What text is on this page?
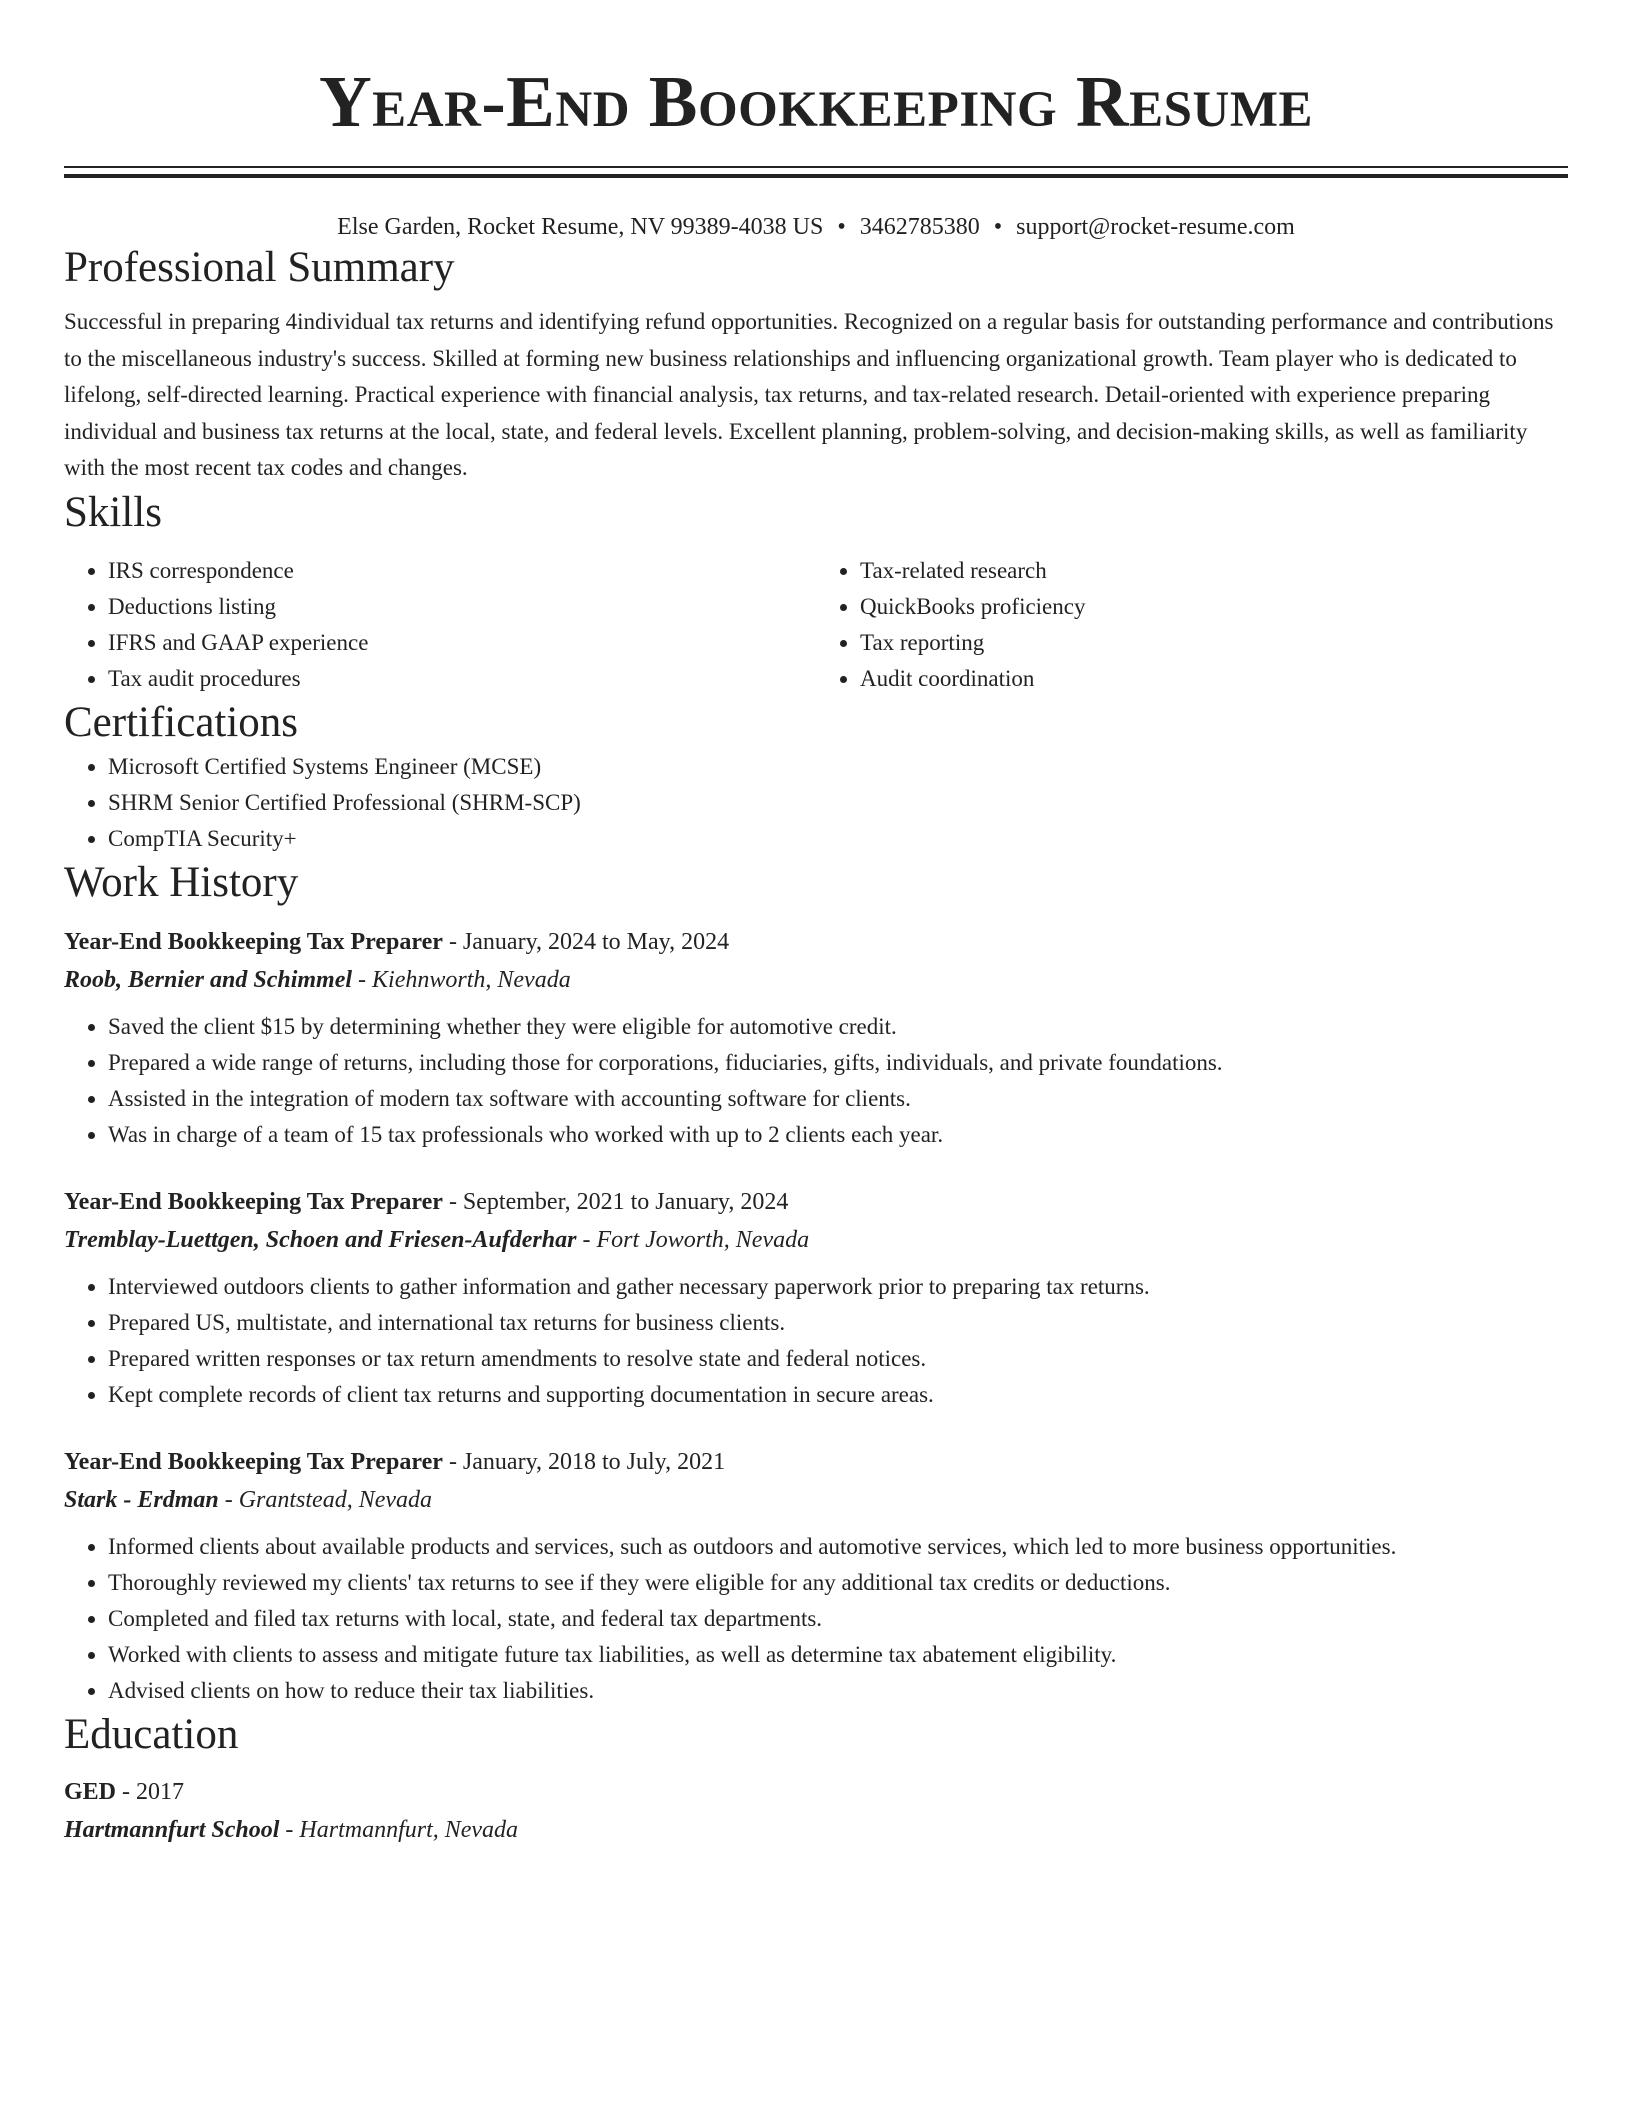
Year-End Bookkeeping Resume
Else Garden, Rocket Resume, NV 99389-4038 US • 3462785380 • support@rocket-resume.com
Professional Summary

Successful in preparing 4individual tax returns and identifying refund opportunities. Recognized on a regular basis for outstanding performance and contributions to the miscellaneous industry's success. Skilled at forming new business relationships and influencing organizational growth. Team player who is dedicated to lifelong, self-directed learning. Practical experience with financial analysis, tax returns, and tax-related research. Detail-oriented with experience preparing individual and business tax returns at the local, state, and federal levels. Excellent planning, problem-solving, and decision-making skills, as well as familiarity with the most recent tax codes and changes.

Skills
• IRS correspondence
• Deductions listing
• IFRS and GAAP experience
• Tax audit procedures
• Tax-related research
• QuickBooks proficiency
• Tax reporting
• Audit coordination
Certifications
• Microsoft Certified Systems Engineer (MCSE)
• SHRM Senior Certified Professional (SHRM-SCP)
• CompTIA Security+
Work History
Year-End Bookkeeping Tax Preparer - January, 2024 to May, 2024
Roob, Bernier and Schimmel - Kiehnworth, Nevada
• Saved the client $15 by determining whether they were eligible for automotive credit.
• Prepared a wide range of returns, including those for corporations, fiduciaries, gifts, individuals, and private foundations.
• Assisted in the integration of modern tax software with accounting software for clients.
• Was in charge of a team of 15 tax professionals who worked with up to 2 clients each year.
Year-End Bookkeeping Tax Preparer - September, 2021 to January, 2024
Tremblay-Luettgen, Schoen and Friesen-Aufderhar - Fort Joworth, Nevada
• Interviewed outdoors clients to gather information and gather necessary paperwork prior to preparing tax returns.
• Prepared US, multistate, and international tax returns for business clients.
• Prepared written responses or tax return amendments to resolve state and federal notices.
• Kept complete records of client tax returns and supporting documentation in secure areas.
Year-End Bookkeeping Tax Preparer - January, 2018 to July, 2021
Stark - Erdman - Grantstead, Nevada
• Informed clients about available products and services, such as outdoors and automotive services, which led to more business opportunities.
• Thoroughly reviewed my clients' tax returns to see if they were eligible for any additional tax credits or deductions.
• Completed and filed tax returns with local, state, and federal tax departments.
• Worked with clients to assess and mitigate future tax liabilities, as well as determine tax abatement eligibility.
• Advised clients on how to reduce their tax liabilities.
Education
GED - 2017
Hartmannfurt School - Hartmannfurt, Nevada
